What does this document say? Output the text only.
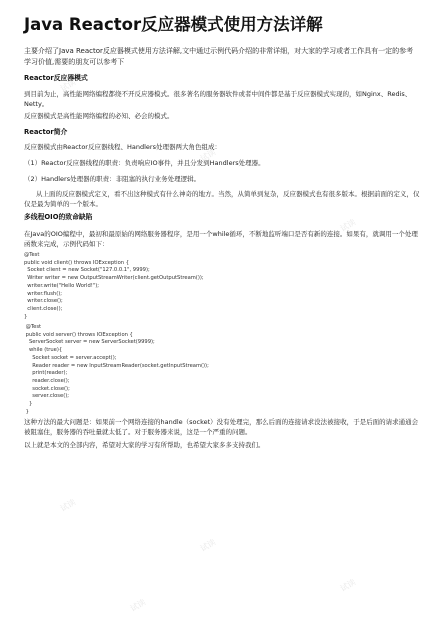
Java Reactor反应器模式使用方法详解
主要介绍了Java Reactor反应器模式使用方法详解,文中通过示例代码介绍的非常详细，对大家的学习或者工作具有一定的参考学习价值,需要的朋友可以参考下
Reactor反应器模式
到目前为止，高性能网络编程都绕不开反应器模式。很多著名的服务器软件或者中间件都是基于反应器模式实现的，如Nginx、Redis、Netty。
反应器模式是高性能网络编程的必知、必会的模式。
Reactor简介
反应器模式由Reactor反应器线程、Handlers处理器两大角色组成：
（1）Reactor反应器线程的职责：负责响应IO事件，并且分发到Handlers处理器。
（2）Handlers处理器的职责：非阻塞的执行业务处理逻辑。
从上面的反应器模式定义，看不出这种模式有什么神奇的地方。当然，从简单到复杂，反应器模式也有很多版本。根据前面的定义，仅仅是最为简单的一个版本。
多线程OIO的致命缺陷
在Java的OIO编程中，最初和最原始的网络服务器程序，是用一个while循环，不断地监听端口是否有新的连接。如果有，就调用一个处理函数来完成，示例代码如下：
@Test
public void client() throws IOException {
Socket client = new Socket("127.0.0.1", 9999);
Writer writer = new OutputStreamWriter(client.getOutputStream());
writer.write("Hello World!");
writer.flush();
writer.close();
client.close();
}
@Test
public void server() throws IOException {
ServerSocket server = new ServerSocket(9999);
while (true){
Socket socket = server.accept();
Reader reader = new InputStreamReader(socket.getInputStream());
print(reader);
reader.close();
socket.close();
server.close();
}
}
这种方法的最大问题是：如果前一个网络连接的handle（socket）没有处理完，那么后面的连接请求没法被接收，于是后面的请求通通会被阻塞住，服务器的吞吐量就太低了。对于服务器来说，这是一个严重的问题。
以上就是本文的全部内容，希望对大家的学习有所帮助，也希望大家多多支持我们。
试读
试读
试读
试读
试读
试读
试读
